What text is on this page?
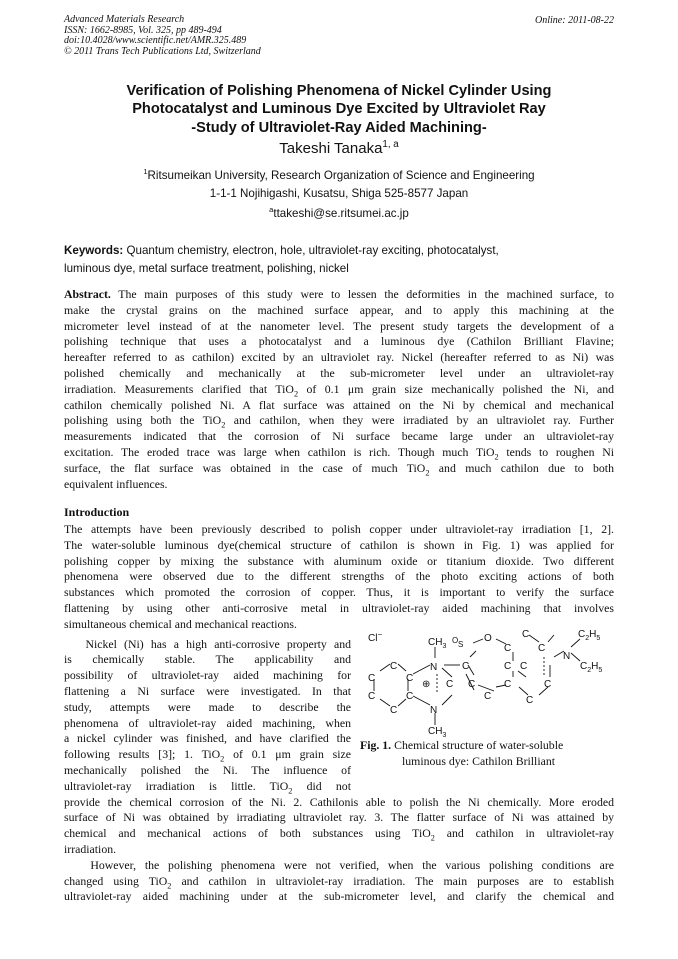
Advanced Materials Research
ISSN: 1662-8985, Vol. 325, pp 489-494
doi:10.4028/www.scientific.net/AMR.325.489
© 2011 Trans Tech Publications Ltd, Switzerland
Online: 2011-08-22
Verification of Polishing Phenomena of Nickel Cylinder Using
Photocatalyst and Luminous Dye Excited by Ultraviolet Ray
-Study of Ultraviolet-Ray Aided Machining-
Takeshi Tanaka$^{1, a}$
$^1$Ritsumeikan University, Research Organization of Science and Engineering
1-1-1 Nojihigashi, Kusatsu, Shiga 525-8577 Japan
$^a$ttakeshi@se.ritsumei.ac.jp
Keywords: Quantum chemistry, electron, hole, ultraviolet-ray exciting, photocatalyst,
luminous dye, metal surface treatment, polishing, nickel
Abstract. The main purposes of this study were to lessen the deformities in the machined surface, to
make the crystal grains on the machined surface appear, and to apply this machining at the
micrometer level instead of at the nanometer level. The present study targets the development of a
polishing technique that uses a photocatalyst and a luminous dye (Cathilon Brilliant Flavine;
hereafter referred to as cathilon) excited by an ultraviolet ray. Nickel (hereafter referred to as Ni) was
polished chemically and mechanically at the sub-micrometer level under an ultraviolet-ray
irradiation. Measurements clarified that TiO$_2$ of 0.1 μm grain size mechanically polished the Ni, and
cathilon chemically polished Ni. A flat surface was attained on the Ni by chemical and mechanical
polishing using both the TiO$_2$ and cathilon, when they were irradiated by an ultraviolet ray. Further
measurements indicated that the corrosion of Ni surface became large under an ultraviolet-ray
excitation. The eroded trace was large when cathilon is rich. Though much TiO$_2$ tends to roughen Ni
surface, the flat surface was obtained in the case of much TiO$_2$ and much cathilon due to both
equivalent influences.
Introduction
The attempts have been previously described to polish copper under ultraviolet-ray irradiation [1, 2].
The water-soluble luminous dye(chemical structure of cathilon is shown in Fig. 1) was applied for
polishing copper by mixing the substance with aluminum oxide or titanium dioxide. Two different
phenomena were observed due to the different strengths of the photo exciting actions of both
substances which promoted the corrosion of copper. Thus, it is important to verify the surface
flattening by using other anti-corrosive metal in ultraviolet-ray aided machining that involves
simultaneous chemical and mechanical reactions.
Nickel (Ni) has a high anti-corrosive property and
is chemically stable. The applicability and
possibility of ultraviolet-ray aided machining for
flattening a Ni surface were investigated. In that
study, attempts were made to describe the
phenomena of ultraviolet-ray aided machining, when
a nickel cylinder was finished, and have clarified the
following results [3]; 1. TiO$_2$ of 0.1 μm grain size
mechanically polished the Ni. The influence of
ultraviolet-ray irradiation is little. TiO$_2$ did not
provide the chemical corrosion of the Ni. 2. Cathilonis able to polish the Ni chemically. More eroded
surface of Ni was obtained by irradiating ultraviolet ray. 3. The flatter surface of Ni was attained by
chemical and mechanical actions of both substances using TiO$_2$ and cathilon in ultraviolet-ray
irradiation.
However, the polishing phenomena were not verified, when the various polishing conditions are
changed using TiO$_2$ and cathilon in ultraviolet-ray irradiation. The main purposes are to establish
ultraviolet-ray aided machining under at the sub-micrometer level, and clarify the chemical and
Cl−
C
C	C
C	C
C
$CH_3$
O S
N
⊕ C
N
$CH_3$
C
C
C
O
C
C
C
C
C
C
C
C
N
$C_2H_5$
$C_2H_5$
Fig. 1. Chemical structure of water-soluble
luminous dye: Cathilon Brilliant
